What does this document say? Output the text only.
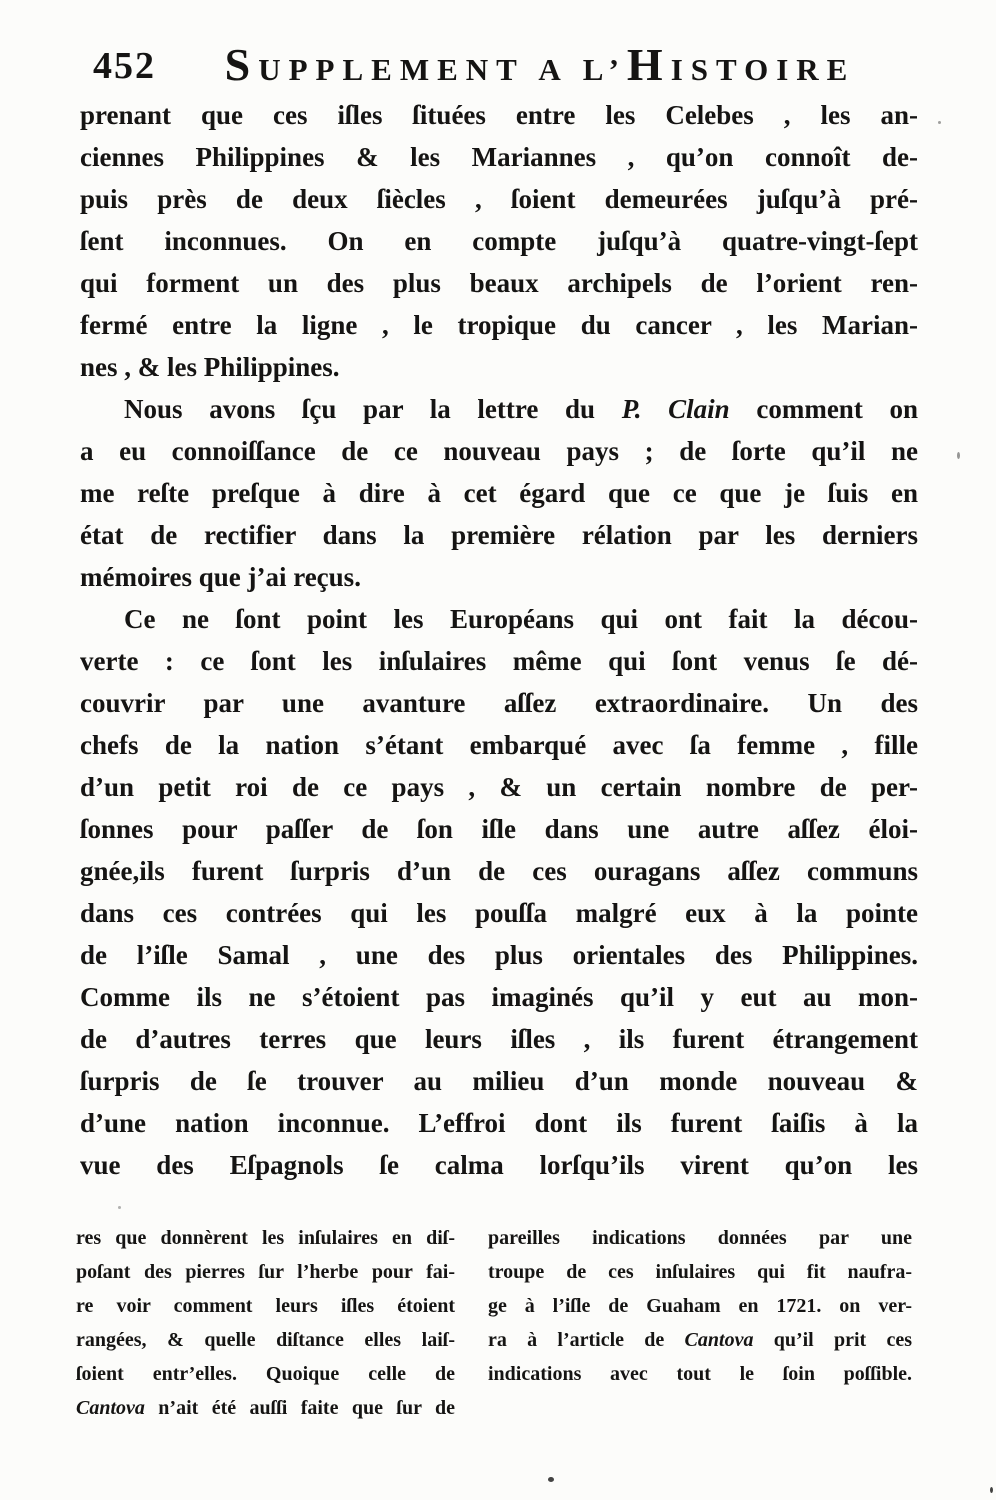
452	SUPPLEMENT A L’HISTOIRE
prenant que ces iſles ſituées entre les Celebes , les an-
ciennes Philippines & les Mariannes , qu’on connoît de-
puis près de deux ſiècles , ſoient demeurées juſqu’à pré-
ſent inconnues. On en compte juſqu’à quatre-vingt-ſept
qui forment un des plus beaux archipels de l’orient ren-
fermé entre la ligne , le tropique du cancer , les Marian-
nes , & les Philippines.
Nous avons ſçu par la lettre du P. Clain comment on
a eu connoiſſance de ce nouveau pays ; de ſorte qu’il ne
me reſte preſque à dire à cet égard que ce que je ſuis en
état de rectifier dans la première rélation par les derniers
mémoires que j’ai reçus.
Ce ne ſont point les Européans qui ont fait la décou-
verte : ce ſont les inſulaires même qui ſont venus ſe dé-
couvrir par une avanture aſſez extraordinaire. Un des
chefs de la nation s’étant embarqué avec ſa femme , fille
d’un petit roi de ce pays , & un certain nombre de per-
ſonnes pour paſſer de ſon iſle dans une autre aſſez éloi-
gnée,ils furent ſurpris d’un de ces ouragans aſſez communs
dans ces contrées qui les pouſſa malgré eux à la pointe
de l’iſle Samal , une des plus orientales des Philippines.
Comme ils ne s’étoient pas imaginés qu’il y eut au mon-
de d’autres terres que leurs iſles , ils furent étrangement
ſurpris de ſe trouver au milieu d’un monde nouveau &
d’une nation inconnue. L’effroi dont ils furent ſaiſis à la
vue des Eſpagnols ſe calma lorſqu’ils virent qu’on les
res que donnèrent les inſulaires en diſ-
poſant des pierres ſur l’herbe pour fai-
re voir comment leurs iſles étoient
rangées, & quelle diſtance elles laiſ-
ſoient entr’elles. Quoique celle de
Cantova n’ait été auſſi faite que ſur de
pareilles indications données par une
troupe de ces inſulaires qui fit naufra-
ge à l’iſle de Guaham en 1721. on ver-
ra à l’article de Cantova qu’il prit ces
indications avec tout le ſoin poſſible.
